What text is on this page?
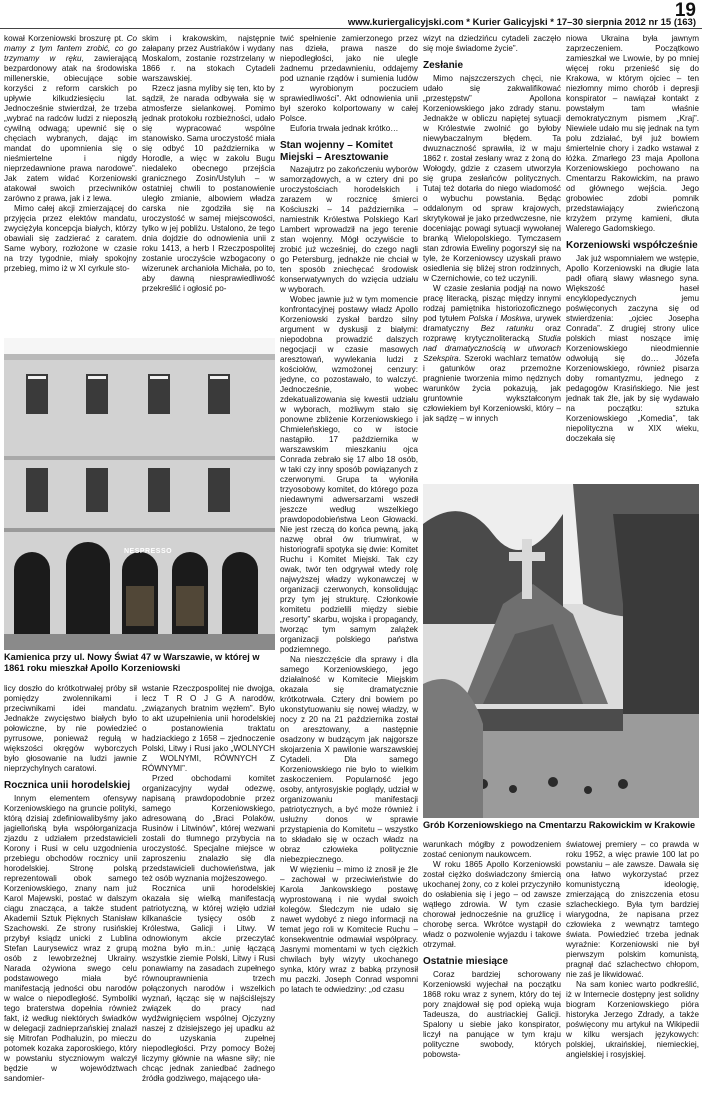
19
www.kuriergalicyjski.com * Kurier Galicyjski * 17–30 sierpnia 2012 nr 15 (163)

kował Korzeniowski broszurę pt. Co mamy z tym fantem zrobić, co go trzymamy w ręku, zawierającą bezpardonowy atak na środowiska millenerskie, obiecujące sobie korzyści z reform carskich po upływie kilkudziesięciu lat. Jednocześnie stwierdzał, że trzeba „wybrać na radców ludzi z nieposzłą cywilną odwagą; upewnić się o chęciach wybranych, dając im mandat do upomnienia się o nieśmiertelne i nigdy nieprzedawnione prawa narodowe”. Jak zatem widać Korzeniowski atakował swoich przeciwników zarówno z prawa, jak i z lewa.

Mimo całej akcji zmierzającej do przyjęcia przez elektów mandatu, zwyciężyła koncepcja białych, którzy obawiali się zadzierać z caratem. Same wybory, rozłożone w czasie na trzy tygodnie, miały spokojny przebieg, mimo iż w XI cyrkule sto-

skim i krakowskim, najstępnie załapany przez Austriaków i wydany Moskalom, zostanie rozstrzelany w 1866 r. na stokach Cytadeli warszawskiej.

Rzecz jasna myliby się ten, kto by sądził, że narada odbywała się w atmosferze sielankowej. Pomimo jednak protokołu rozbieżności, udało się wypracować wspólne stanowisko. Sama uroczystość miała się odbyć 10 października w Horodle, a więc w zakolu Bugu niedaleko obecnego przejścia granicznego Zosin/Ustyluh – w ostatniej chwili to postanowienie uległo zmianie, albowiem władza carska nie zgodziła się na uroczystość w samej miejscowości, tylko w jej pobliżu. Ustalono, że tego dnia dojdzie do odnowienia unii z roku 1413, a herb I Rzeczpospolitej zostanie uroczyście wzbogacony o wizerunek archanioła Michała, po to, aby dawną niesprawiedliwość przekreślić i ogłosić po-

twić spełnienie zamierzonego przez nas dzieła, prawa nasze do niepodległości, jako nie ulegle żadnemu przedawnieniu, oddajemy pod uznanie rządów i sumienia ludów z wyrobionym poczuciem sprawiedliwości”. Akt odnowienia unii był szeroko kolportowany w całej Polsce.

Euforia trwała jednak krótko…

Stan wojenny – Komitet Miejski – Aresztowanie

Nazajutrz po zakończeniu wyborów samorządowych, a w cztery dni po uroczystościach horodelskich i zarazem w rocznicę śmierci Kościuszki – 14 października – namiestnik Królestwa Polskiego Karl Lambert wprowadził na jego terenie stan wojenny. Mógł oczywiście to zrobić już wcześniej, do czego nagli go Petersburg, jednakże nie chciał w ten sposób zniechęcać środowisk konserwatywnych do wzięcia udziału w wyborach.

Wobec jawnie już w tym momencie konfrontacyjnej postawy władz Apollo Korzeniowski zyskał bardzo silny argument w dyskusji z białymi: niepodobna prowadzić dalszych negocjacji w czasie masowych aresztowań, wywlekania ludzi z kościołów, wzmożonej cenzury: jedyne, co pozostawało, to walczyć. Jednocześnie, wobec zdekatualizowania się kwestii udziału w wyborach, możliwym stało się ponowne zbliżenie Korzeniowskiego i Chmieleńskiego, co w istocie nastąpiło. 17 października w warszawskim mieszkaniu ojca Conrada zebrało się 17 albo 18 osób, w taki czy inny sposób powiązanych z czerwonymi. Grupa ta wyłoniła trzyosobowy komitet, do którego poza niedawnymi adwersarzami wszedł jeszcze według wszelkiego prawdopodobieństwa Leon Głowacki. Nie jest rzeczą do końca pewną, jaką nazwę obrał ów triumwirat, w historiografii spotyka się dwie: Komitet Ruchu i Komitet Miejski. Tak czy owak, twór ten odgrywał wtedy rolę najwyższej władzy wykonawczej w organizacji czerwonych, konsolidując przy tym jej strukturę. Członkowie komitetu podzielili między siebie „resorty” skarbu, wojska i propagandy, tworząc tym samym zalążek organizacji polskiego państwa podziemnego.

Na nieszczęście dla sprawy i dla samego Korzeniowskiego, jego działalność w Komitecie Miejskim okazała się dramatycznie krótkotrwała. Cztery dni bowiem po ukonstytuowaniu się nowej władzy, w nocy z 20 na 21 października został on aresztowany, a następnie osadzony w budzącym jak najgorsze skojarzenia X pawilonie warszawskiej Cytadeli. Dla samego Korzeniowskiego nie było to wielkim zaskoczeniem. Popularność jego osoby, antyrosyjskie poglądy, udział w organizowaniu manifestacji patriotycznych, a być może również i usłużny donos w sprawie przystąpienia do Komitetu – wszystko to składało się w oczach władz na obraz człowieka politycznie niebezpiecznego.

W więzieniu – mimo iż znosił je źle – zachował w przeciwieństwie do Karola Jankowskiego postawę wyprostowaną i nie wydał swoich kolegów. Śledczym nie udało się nawet wydobyć z niego informacji na temat jego roli w Komitecie Ruchu – konsekwentnie odmawiał współpracy. Jasnymi momentami w tych ciężkich chwilach były wizyty ukochanego synka, który wraz z babką przynosił mu paczki. Joseph Conrad wspomni po latach te odwiedziny: „od czasu

wizyt na dziedzińcu cytadeli zaczęło się moje świadome życie”.

Zesłanie

Mimo najszczerszych chęci, nie udało się zakwalifikować „przestępstw” Apollona Korzeniowskiego jako zdrady stanu. Jednakże w obliczu napiętej sytuacji w Królestwie zwolnić go byłoby niewybaczalnym błędem. Ta dwuznaczność sprawiła, iż w maju 1862 r. został zesłany wraz z żoną do Wołogdy, gdzie z czasem utworzyła się grupa zesłańców politycznych. Tutaj też dotarła do niego wiadomość o wybuchu powstania. Będąc oddalonym od spraw krajowych, skrytykował je jako przedwczesne, nie doceniając powagi sytuacji wywołanej branką Wielopolskiego. Tymczasem stan zdrowia Eweliny pogorszył się na tyle, że Korzeniowscy uzyskali prawo osiedlenia się bliżej stron rodzinnych, w Czernichowie, co też uczynili.

W czasie zesłania podjął na nowo pracę literacką, pisząc między innymi rodzaj pamiętnika historiozoficznego pod tytułem Polska i Moskwa, urywek dramatyczny Bez ratunku oraz rozprawę krytycznoliteracką Studia nad dramatycznością w utworach Szekspira. Szeroki wachlarz tematów i gatunków oraz przemożne pragnienie tworzenia mimo nędznych warunków życia pokazują, jak gruntownie wykształconym człowiekiem był Korzeniowski, który – jak sądzę – w innych

niowa Ukraina była jawnym zaprzeczeniem. Początkowo zamieszkał we Lwowie, by po mniej więcej roku przenieść się do Krakowa, w którym ojciec – ten niezłomny mimo chorób i depresji konspirator – nawiązał kontakt z powstałym tam właśnie demokratycznym pismem „Kraj”. Niewiele udało mu się jednak na tym polu zdziałać, był już bowiem śmiertelnie chory i zadko wstawał z łóżka. Zmarłego 23 maja Apollona Korzeniowskiego pochowano na Cmentarzu Rakowickim, na prawo od głównego wejścia. Jego grobowiec zdobi pomnik przedstawiający zwieńczoną krzyżem przymę kamieni, dłuta Walerego Gadomskiego.

Korzeniowski współcześnie

Jak już wspomniałem we wstępie, Apollo Korzeniowski na długie lata padł ofiarą sławy własnego syna. Większość haseł encyklopedycznych jemu poświęconych zaczyna się od stwierdzenia: „ojciec Josepha Conrada”. Z drugiej strony ulice polskich miast noszące imię Korzeniowskiego nieodmiennie odwołują się do… Józefa Korzeniowskiego, również pisarza doby romantyzmu, jednego z pedagogów Krasińskiego. Nie jest jednak tak źle, jak by się wydawało na początku: sztuka Korzeniowskiego „Komedia”, tak niepolityczna w XIX wieku, doczekała się

NESPRESSO
Kamienica przy ul. Nowy Świat 47 w Warszawie, w której w 1861 roku mieszkał Apollo Korzeniowski

licy doszło do krótkotrwałej próby sił pomiędzy zwolennikami i przeciwnikami idei mandatu. Jednakże zwycięstwo białych było połowiczne, by nie powiedzieć pyrrusowe, ponieważ regułą w większości okręgów wyborczych było głosowanie na ludzi jawnie nieprzychylnych caratowi.

Rocznica unii horodelskiej

Innym elementem ofensywy Korzeniowskiego na gruncie polityki, którą dzisiaj zdefiniowalibyśmy jako jagiellońską była współorganizacja zjazdu z udziałem przedstawicieli Korony i Rusi w celu uzgodnienia przebiegu obchodów rocznicy unii horodelskiej. Stronę polską reprezentowali obok samego Korzeniowskiego, znany nam już Karol Majewski, postać w dalszym ciągu znacząca, a także student Akademii Sztuk Pięknych Stanisław Szachowski. Ze strony rusińskiej przybył ksiądz unicki z Lublina Stefan Laurysewicz wraz z grupą osób z lewobrzeżnej Ukrainy. Narada ożywiona swego celu podstawowego miała być manifestacją jedności obu narodów w walce o niepodległość. Symboliki tego braterstwa dopełnia również fakt, iż według niektórych świadków w delegacji zadnieprzańskiej znalazł się Mitrofan Podhaluzin, po mieczu potomek kozaka zaporoskiego, który w powstaniu styczniowym walczył będzie w województwach sandomier-

wstanie Rzeczpospolitej nie dwojga, lecz T R O J G A narodów, „związanych bratnim węzłem”. Było to akt uzupełnienia unii horodelskiej o postanowienia traktatu hadziackiego z 1658 – zjednoczenie Polski, Litwy i Rusi jako „WOLNYCH Z WOLNYMI, RÓWNYCH Z RÓWNYMI”.

Przed obchodami komitet organizacyjny wydał odezwę, napisaną prawdopodobnie przez samego Korzeniowskiego, adresowaną do „Braci Polaków, Rusinów i Litwinów”, której wezwani zostali do tłumnego przybycia na uroczystość. Specjalne miejsce w zaproszeniu znalazło się dla przedstawicieli duchowieństwa, jak też osób wyznania mojżeszowego.

Rocznica unii horodelskiej okazała się wielką manifestacją patriotyczną, w której wzięło udział kilkanaście tysięcy osób z Królestwa, Galicji i Litwy. W odnowionym akcie przeczytać można było m.in.: „unię łączącą wszystkie ziemie Polski, Litwy i Rusi ponawiamy na zasadach zupełnego równouprawnienia trzech połączonych narodów i wszelkich wyznań, łącząc się w najściślejszy związek do pracy nad wydźwignięciem wspólnej Ojczyzny naszej z dzisiejszego jej upadku aż do uzyskania zupełnej niepodległości. Przy pomocy Bożej liczymy głównie na własne siły; nie chcąc jednak zaniedbać żadnego źródła godziwego, mającego uła-

Grób Korzeniowskiego na Cmentarzu Rakowickim w Krakowie

warunkach mógłby z powodzeniem zostać cenionym naukowcem.

W roku 1865 Apollo Korzeniowski został ciężko doświadczony śmiercią ukochanej żony, co z kolei przyczyniło do osłabienia się i jego – od zawsze wątłego zdrowia. W tym czasie chorował jednocześnie na gruźlicę i chorobę serca. Wkrótce wystąpił do władz o pozwolenie wyjazdu i takowe otrzymał.

Ostatnie miesiące

Coraz bardziej schorowany Korzeniowski wyjechał na początku 1868 roku wraz z synem, który do tej pory znajdował się pod opieką wuja Tadeusza, do austriackiej Galicji. Spalony u siebie jako konspirator, liczył na panujące w tym kraju polityczne swobody, których pobowsta-

światowej premiery – co prawda w roku 1952, a więc prawie 100 lat po powstaniu – ale zawsze. Dawała się ona łatwo wykorzystać przez komunistyczną ideologię, zmierzającą do zniszczenia etosu szlacheckiego. Była tym bardziej wiarygodna, że napisana przez człowieka z wewnątrz tamtego świata. Powiedzieć trzeba jednak wyraźnie: Korzeniowski nie był pierwszym polskim komunistą, pragnął dać szlachectwo chłopom, nie zaś je likwidować.

Na sam koniec warto podkreślić, iż w Internecie dostępny jest solidny biogram Korzeniowskiego pióra historyka Jerzego Zdrady, a także poświęcony mu artykuł na Wikipedii w kilku wersjach językowych: polskiej, ukraińskiej, niemieckiej, angielskiej i rosyjskiej.
